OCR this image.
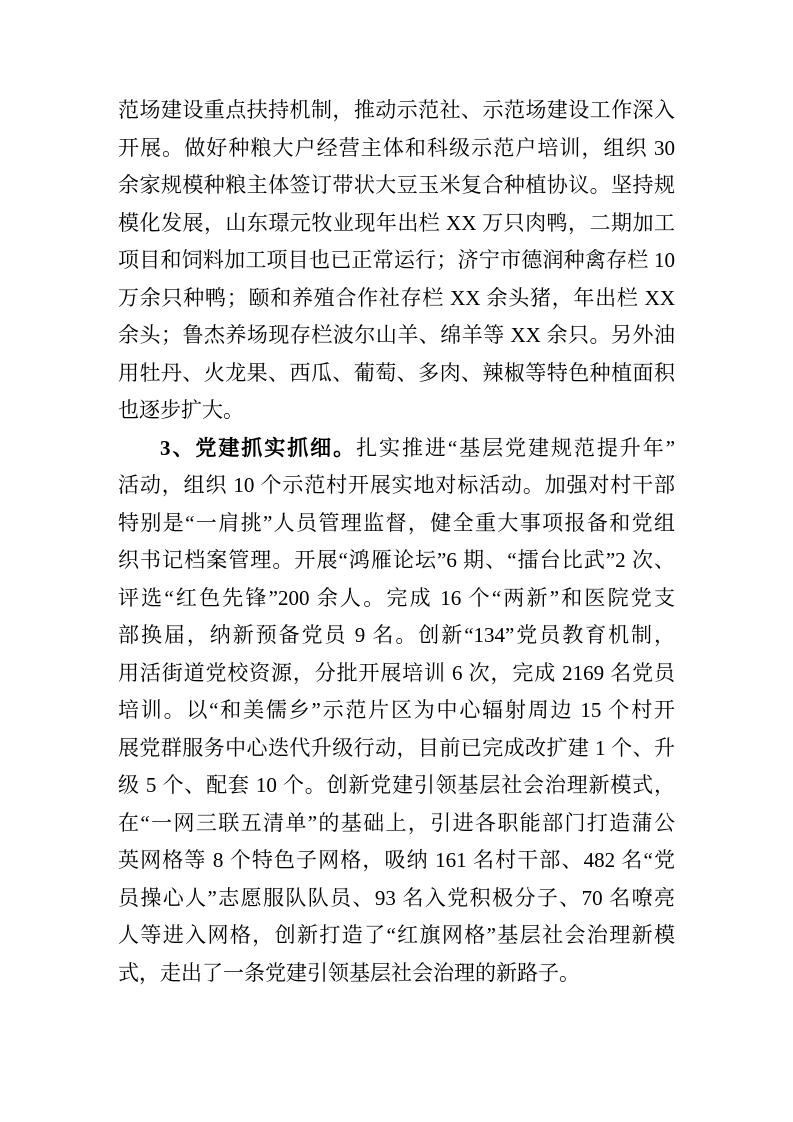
范场建设重点扶持机制，推动示范社、示范场建设工作深入
开展。做好种粮大户经营主体和科级示范户培训，组织 30
余家规模种粮主体签订带状大豆玉米复合种植协议。坚持规
模化发展，山东璟元牧业现年出栏 XX 万只肉鸭，二期加工
项目和饲料加工项目也已正常运行；济宁市德润种禽存栏 10
万余只种鸭；颐和养殖合作社存栏 XX 余头猪，年出栏 XX
余头；鲁杰养场现存栏波尔山羊、绵羊等 XX 余只。另外油
用牡丹、火龙果、西瓜、葡萄、多肉、辣椒等特色种植面积
也逐步扩大。
3、党建抓实抓细。扎实推进“基层党建规范提升年”
活动，组织 10 个示范村开展实地对标活动。加强对村干部
特别是“一肩挑”人员管理监督，健全重大事项报备和党组
织书记档案管理。开展“鸿雁论坛”6 期、“擂台比武”2 次、
评选“红色先锋”200 余人。完成 16 个“两新”和医院党支
部换届，纳新预备党员 9 名。创新“134”党员教育机制，
用活街道党校资源，分批开展培训 6 次，完成 2169 名党员
培训。以“和美儒乡”示范片区为中心辐射周边 15 个村开
展党群服务中心迭代升级行动，目前已完成改扩建 1 个、升
级 5 个、配套 10 个。创新党建引领基层社会治理新模式，
在“一网三联五清单”的基础上，引进各职能部门打造蒲公
英网格等 8 个特色子网格，吸纳 161 名村干部、482 名“党
员操心人”志愿服队队员、93 名入党积极分子、70 名嘹亮
人等进入网格，创新打造了“红旗网格”基层社会治理新模
式，走出了一条党建引领基层社会治理的新路子。
